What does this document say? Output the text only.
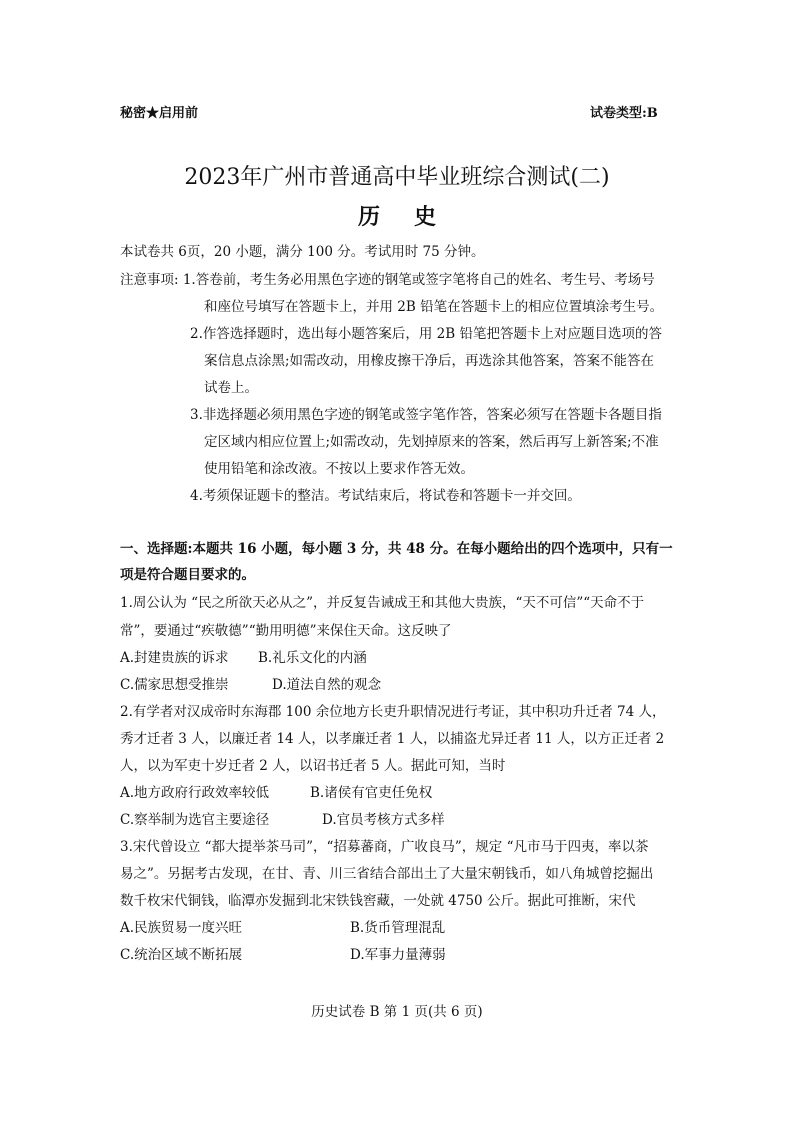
秘密★启用前	试卷类型:B
2023年广州市普通高中毕业班综合测试(二)
历史
本试卷共 6页，20 小题，满分 100 分。考试用时 75 分钟。
注意事项: 1.答卷前，考生务必用黑色字迹的钢笔或签字笔将自己的姓名、考生号、考场号
和座位号填写在答题卡上，并用 2B 铅笔在答题卡上的相应位置填涂考生号。
2.作答选择题时，选出每小题答案后，用 2B 铅笔把答题卡上对应题目选项的答
案信息点涂黑;如需改动，用橡皮擦干净后，再选涂其他答案，答案不能答在
试卷上。
3.非选择题必须用黑色字迹的钢笔或签字笔作答，答案必须写在答题卡各题目指
定区域内相应位置上;如需改动，先划掉原来的答案，然后再写上新答案;不准
使用铅笔和涂改液。不按以上要求作答无效。
4.考须保证题卡的整洁。考试结束后，将试卷和答题卡一并交回。
一、选择题:本题共 16 小题，每小题 3 分，共 48 分。在每小题给出的四个选项中，只有一
项是符合题目要求的。
1.周公认为 “民之所欲天必从之”，并反复告诫成王和其他大贵族，“天不可信”“天命不于
常”，要通过“疾敬德”“勤用明德”来保住天命。这反映了
A.封建贵族的诉求 B.礼乐文化的内涵
C.儒家思想受推崇	D.道法自然的观念
2.有学者对汉成帝时东海郡 100 余位地方长吏升职情况进行考证，其中积功升迁者 74 人，
秀才迁者 3 人，以廉迁者 14 人，以孝廉迁者 1 人，以捕盗尤异迁者 11 人，以方正迁者 2
人，以为军吏十岁迁者 2 人，以诏书迁者 5 人。据此可知，当时
A.地方政府行政效率较低	B.诸侯有官吏任免权
C.察举制为选官主要途径	D.官员考核方式多样
3.宋代曾设立 “都大提举茶马司”，“招募蕃商，广收良马”，规定 “凡市马于四夷，率以茶
易之”。另据考古发现，在甘、青、川三省结合部出土了大量宋朝钱币，如八角城曾挖掘出
数千枚宋代铜钱，临潭亦发掘到北宋铁钱窖藏，一处就 4750 公斤。据此可推断，宋代
A.民族贸易一度兴旺	B.货币管理混乱
C.统治区域不断拓展	D.军事力量薄弱
历史试卷 B 第 1 页(共 6 页)
